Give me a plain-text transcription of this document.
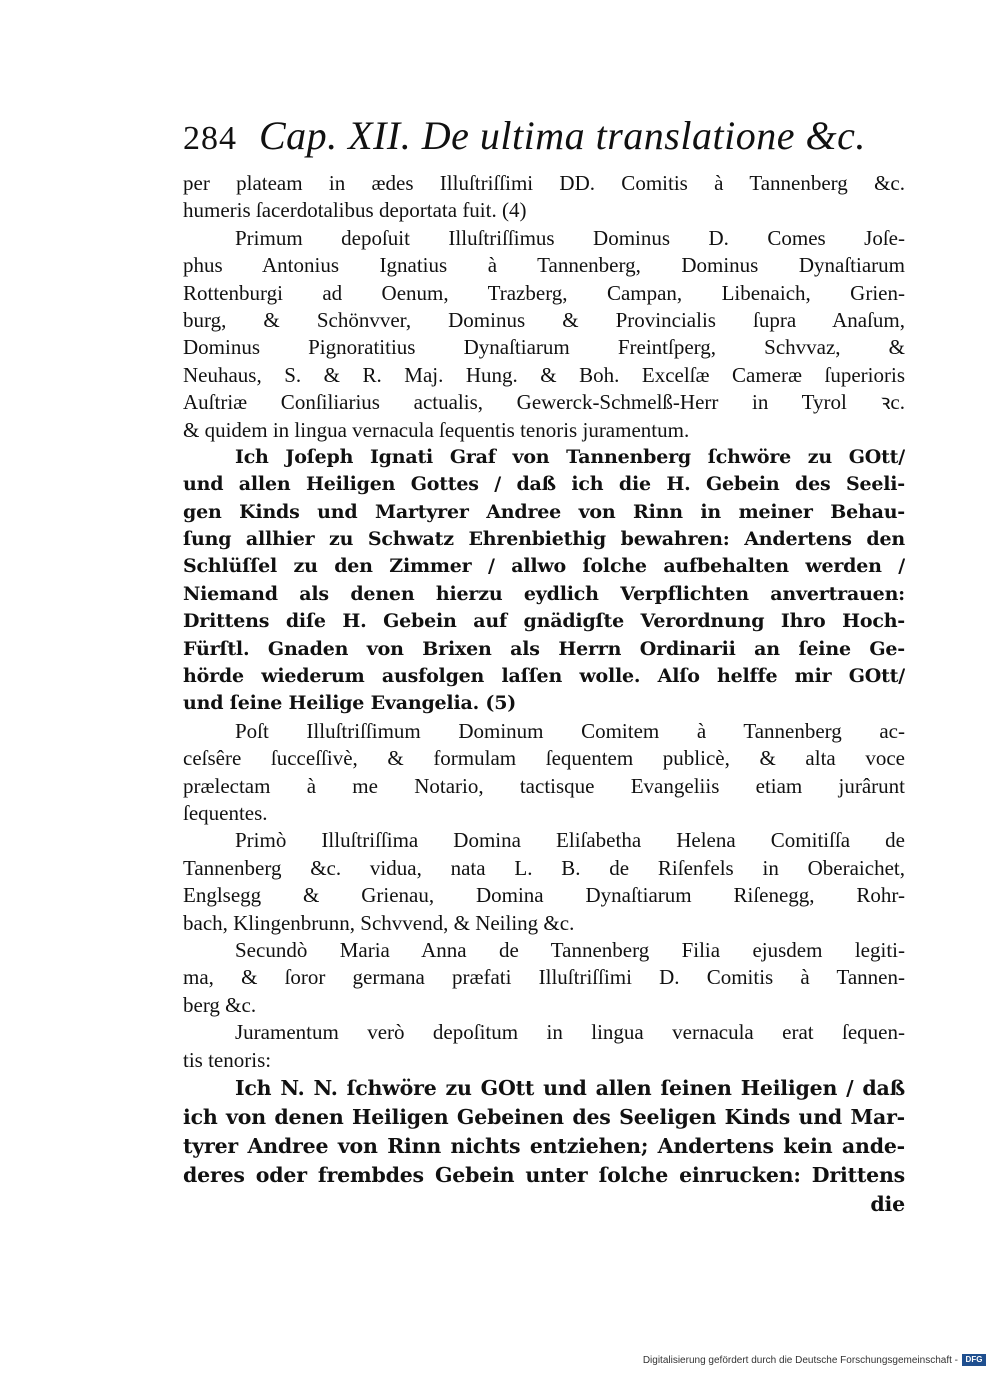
284 Cap. XII. De ultima translatione &c.
per plateam in ædes Illuſtriſſimi DD. Comitis à Tannenberg &c.
humeris ſacerdotalibus deportata fuit. (4)
Primum depoſuit Illuſtriſſimus Dominus D. Comes Joſe-
phus Antonius Ignatius à Tannenberg, Dominus Dynaſtiarum
Rottenburgi ad Oenum, Trazberg, Campan, Libenaich, Grien-
burg, & Schönvver, Dominus & Provincialis ſupra Anaſum,
Dominus Pignoratitius Dynaſtiarum Freintſperg, Schvvaz, &
Neuhaus, S. & R. Maj. Hung. & Boh. Excelſæ Cameræ ſuperioris
Auſtriæ Conſiliarius actualis, Gewerck-Schmelß-Herr in Tyrol ꝛc.
& quidem in lingua vernacula ſequentis tenoris juramentum.
Ich Joſeph Ignati Graf von Tannenberg ſchwöre zu GOtt/
und allen Heiligen Gottes / daß ich die H. Gebein des Seeli-
gen Kinds und Martyrer Andree von Rinn in meiner Behau-
ſung allhier zu Schwatz Ehrenbiethig bewahren: Andertens den
Schlüſſel zu den Zimmer / allwo ſolche aufbehalten werden /
Niemand als denen hierzu eydlich Verpflichten anvertrauen:
Drittens diſe H. Gebein auf gnädigſte Verordnung Ihro Hoch-
Fürſtl. Gnaden von Brixen als Herrn Ordinarii an ſeine Ge-
hörde wiederum ausfolgen laſſen wolle. Alſo helffe mir GOtt/
und ſeine Heilige Evangelia. (5)
Poſt Illuſtriſſimum Dominum Comitem à Tannenberg ac-
ceſsêre ſucceſſivè, & formulam ſequentem publicè, & alta voce
prælectam à me Notario, tactisque Evangeliis etiam jurârunt
ſequentes.
Primò Illuſtriſſima Domina Eliſabetha Helena Comitiſſa de
Tannenberg &c. vidua, nata L. B. de Riſenfels in Oberaichet,
Englsegg & Grienau, Domina Dynaſtiarum Riſenegg, Rohr-
bach, Klingenbrunn, Schvvend, & Neiling &c.
Secundò Maria Anna de Tannenberg Filia ejusdem legiti-
ma, & ſoror germana præfati Illuſtriſſimi D. Comitis à Tannen-
berg &c.
Juramentum verò depoſitum in lingua vernacula erat ſequen-
tis tenoris:
Ich N. N. ſchwöre zu GOtt und allen ſeinen Heiligen / daß
ich von denen Heiligen Gebeinen des Seeligen Kinds und Mar-
tyrer Andree von Rinn nichts entziehen; Andertens kein ande-
deres oder frembdes Gebein unter ſolche einrucken: Drittens
die
Digitalisierung gefördert durch die Deutsche Forschungsgemeinschaft - DFG
